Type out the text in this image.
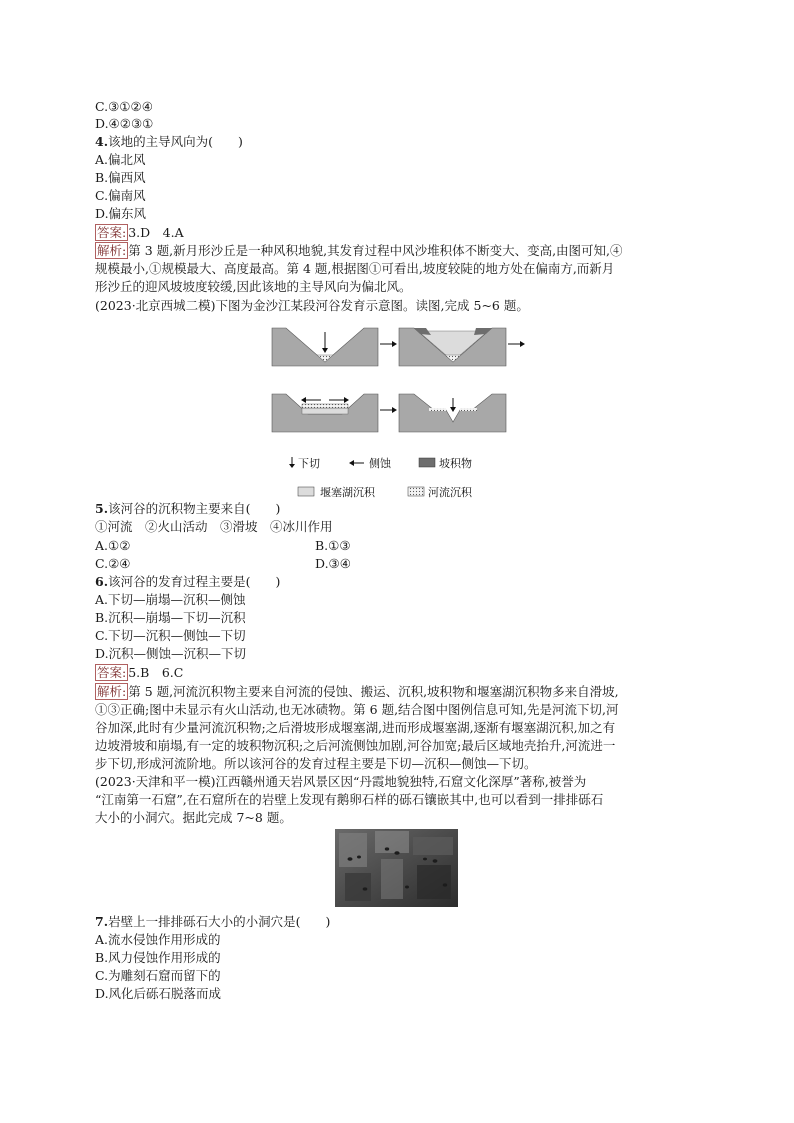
C.③①②④
D.④②③①
4.该地的主导风向为(　　)
A.偏北风
B.偏西风
C.偏南风
D.偏东风
答案: 3.D　4.A
解析: 第 3 题,新月形沙丘是一种风积地貌,其发育过程中风沙堆积体不断变大、变高,由图可知,④
规模最小,①规模最大、高度最高。第 4 题,根据图①可看出,坡度较陡的地方处在偏南方,而新月
形沙丘的迎风坡坡度较缓,因此该地的主导风向为偏北风。
(2023·北京西城二模)下图为金沙江某段河谷发育示意图。读图,完成 5~6 题。
下切	侧蚀	坡积物
堰塞湖沉积	河流沉积
5.该河谷的沉积物主要来自(　　)
①河流　②火山活动　③滑坡　④冰川作用
A.①②	B.①③
C.②④	D.③④
6.该河谷的发育过程主要是(　　)
A.下切—崩塌—沉积—侧蚀
B.沉积—崩塌—下切—沉积
C.下切—沉积—侧蚀—下切
D.沉积—侧蚀—沉积—下切
答案: 5.B　6.C
解析: 第 5 题,河流沉积物主要来自河流的侵蚀、搬运、沉积,坡积物和堰塞湖沉积物多来自滑坡,
①③正确;图中未显示有火山活动,也无冰碛物。第 6 题,结合图中图例信息可知,先是河流下切,河
谷加深,此时有少量河流沉积物;之后滑坡形成堰塞湖,进而形成堰塞湖,逐渐有堰塞湖沉积,加之有
边坡滑坡和崩塌,有一定的坡积物沉积;之后河流侧蚀加剧,河谷加宽;最后区域地壳抬升,河流进一
步下切,形成河流阶地。所以该河谷的发育过程主要是下切—沉积—侧蚀—下切。
(2023·天津和平一模)江西赣州通天岩风景区因“丹霞地貌独特,石窟文化深厚”著称,被誉为
“江南第一石窟”,在石窟所在的岩壁上发现有鹅卵石样的砾石镶嵌其中,也可以看到一排排砾石
大小的小洞穴。据此完成 7~8 题。
7.岩壁上一排排砾石大小的小洞穴是(　　)
A.流水侵蚀作用形成的
B.风力侵蚀作用形成的
C.为雕刻石窟而留下的
D.风化后砾石脱落而成
